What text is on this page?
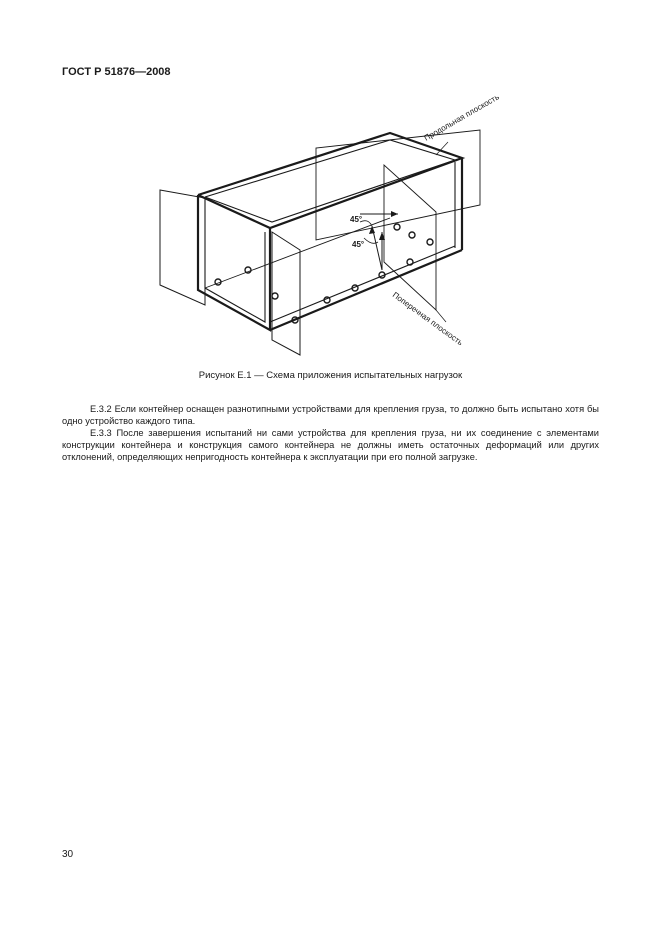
ГОСТ Р 51876—2008
45°
45°
Продольная плоскость
Поперечная плоскость
Рисунок Е.1 — Схема приложения испытательных нагрузок
Е.3.2 Если контейнер оснащен разнотипными устройствами для крепления груза, то должно быть испытано хотя бы одно устройство каждого типа.
Е.3.3 После завершения испытаний ни сами устройства для крепления груза, ни их соединение с элементами конструкции контейнера и конструкция самого контейнера не должны иметь остаточных деформаций или других отклонений, определяющих непригодность контейнера к эксплуатации при его полной загрузке.
30
